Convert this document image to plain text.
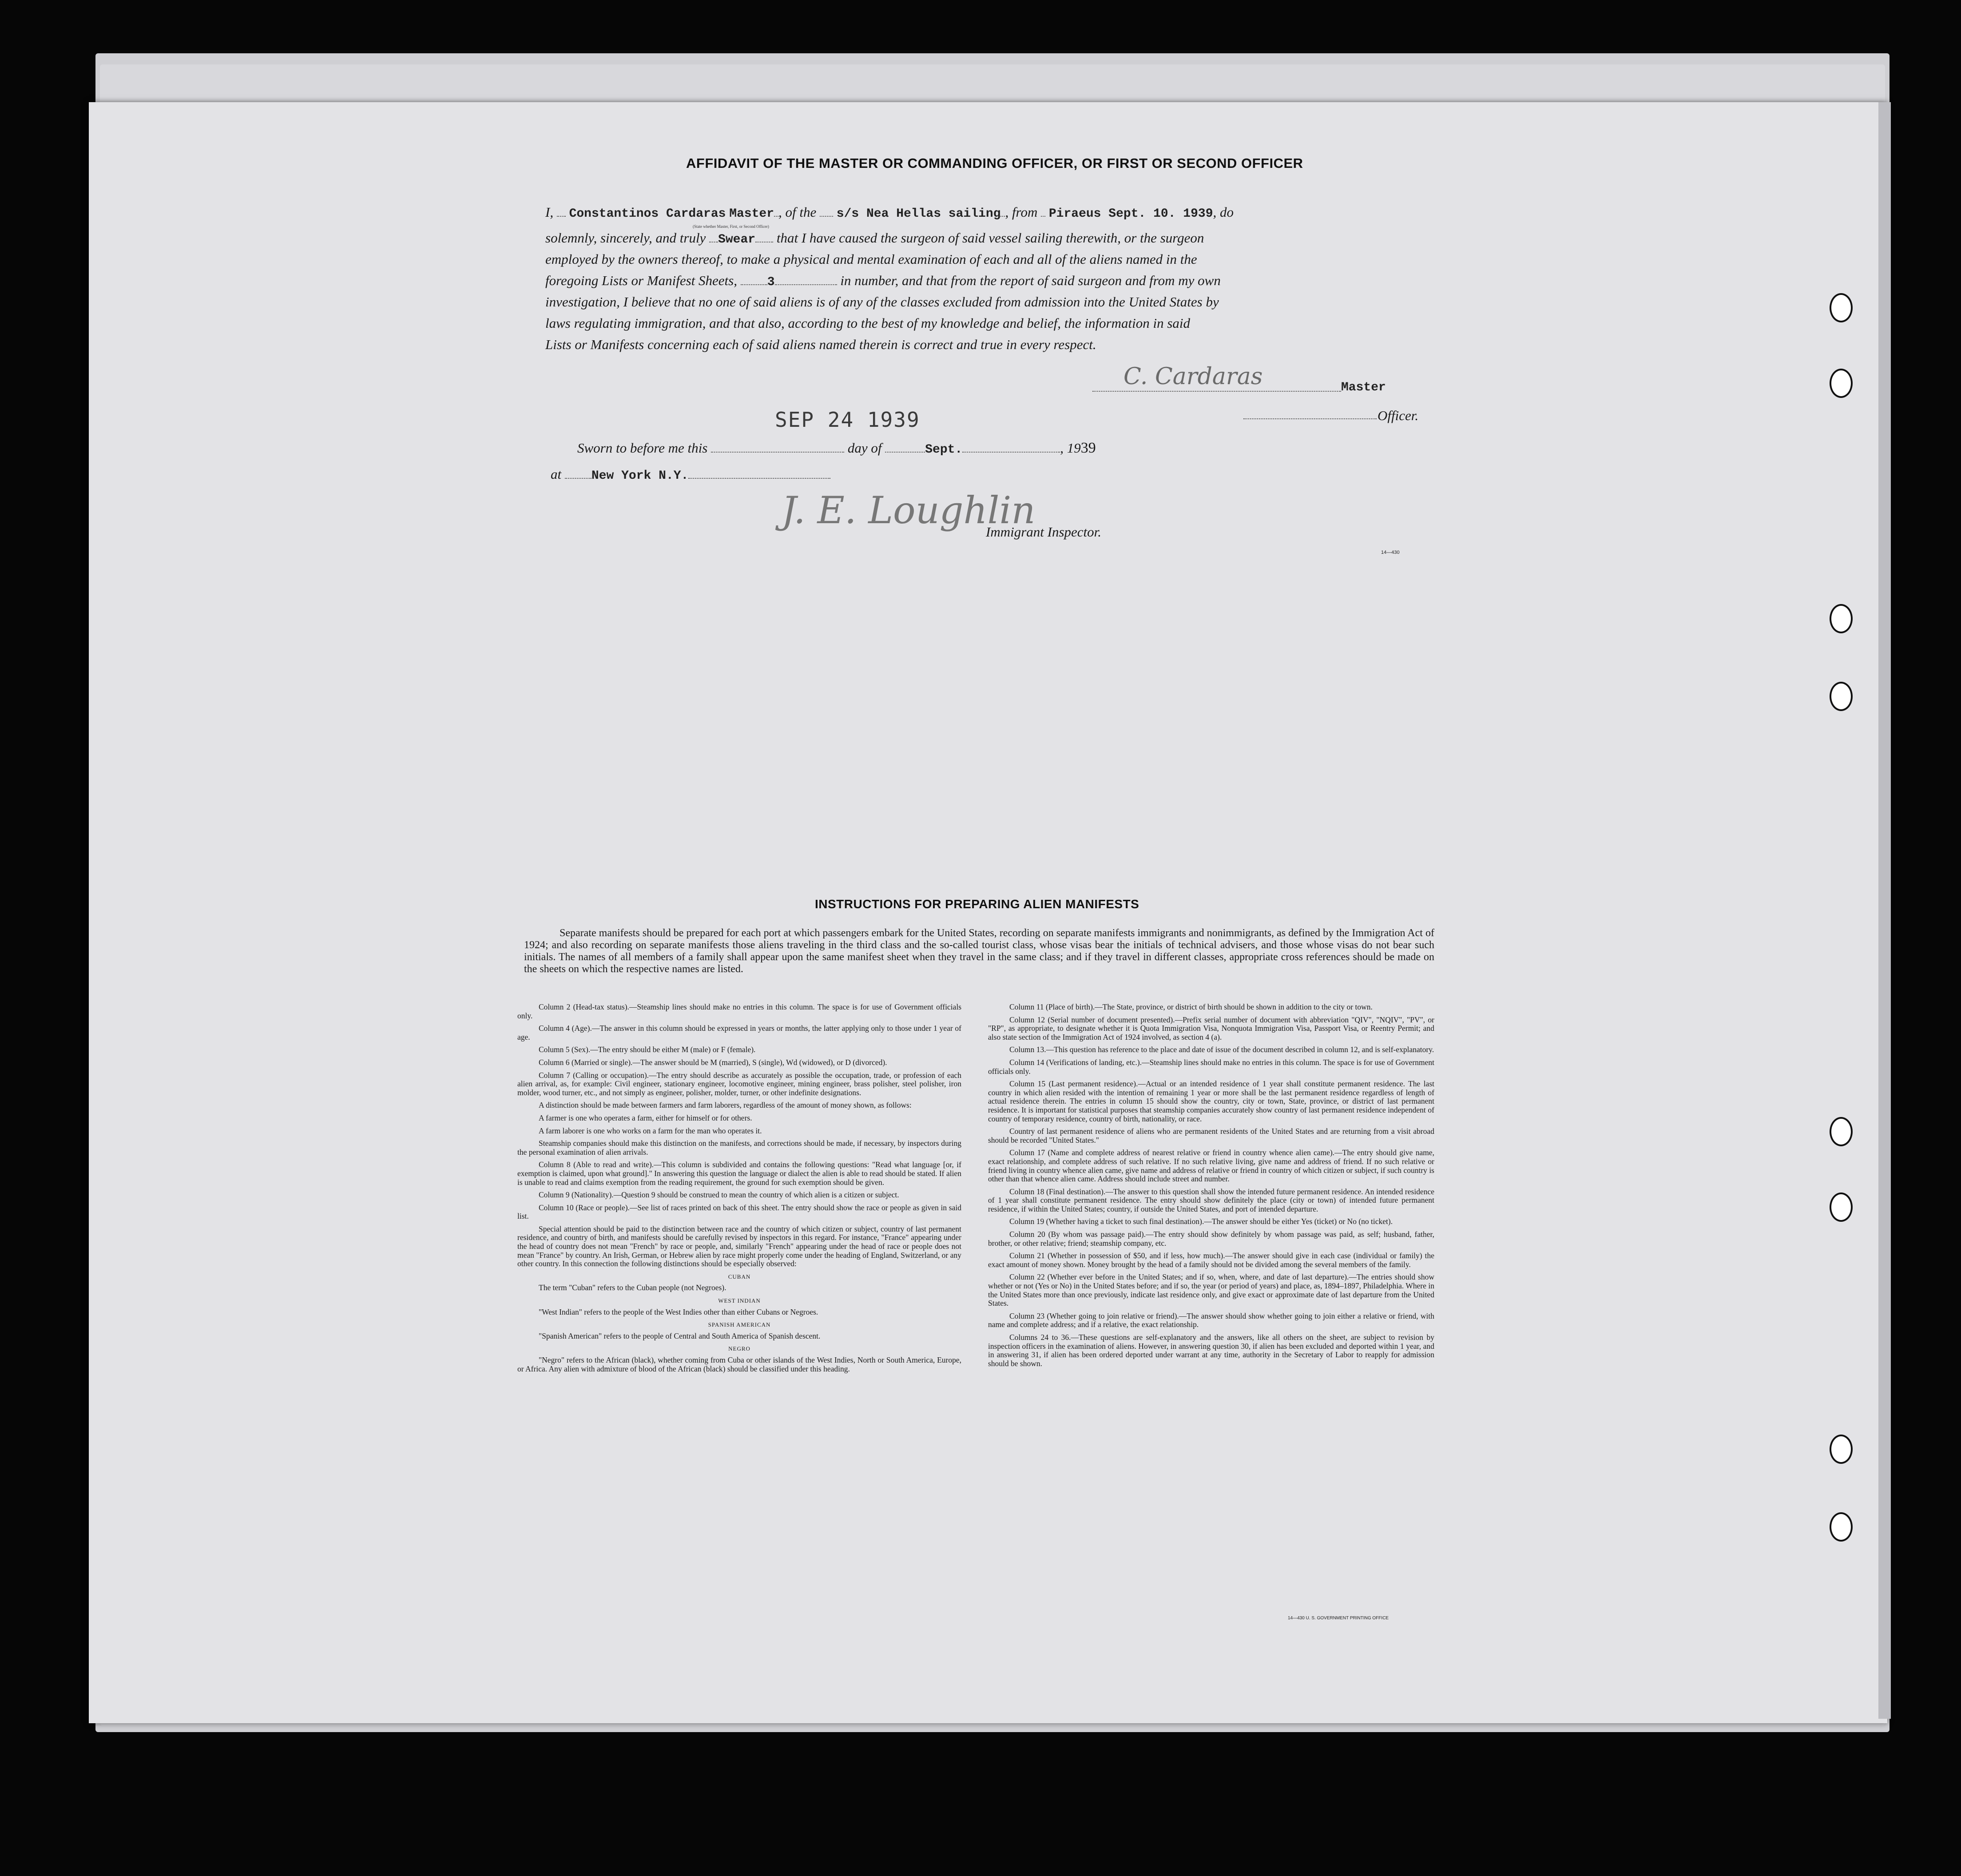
AFFIDAVIT OF THE MASTER OR COMMANDING OFFICER, OR FIRST OR SECOND OFFICER
I, Constantinos Cardaras Master , of the s/s Nea Hellas sailing , from Piraeus Sept. 10. 1939, do
(State whether Master, First, or Second Officer)
solemnly, sincerely, and truly Swear that I have caused the surgeon of said vessel sailing therewith, or the surgeon
employed by the owners thereof, to make a physical and mental examination of each and all of the aliens named in the
foregoing Lists or Manifest Sheets, 3	in number, and that from the report of said surgeon and from my own
investigation, I believe that no one of said aliens is of any of the classes excluded from admission into the United States by
laws regulating immigration, and that also, according to the best of my knowledge and belief, the information in said
Lists or Manifests concerning each of said aliens named therein is correct and true in every respect.
C. Cardaras	Master
Officer.
SEP 24 1939
Sworn to before me this	day of	Sept.	, 1939
at New York N.Y.
J. E. Loughlin
Immigrant Inspector.
14—430
INSTRUCTIONS FOR PREPARING ALIEN MANIFESTS
Separate manifests should be prepared for each port at which passengers embark for the United States, recording on separate manifests immigrants and nonimmigrants, as defined by the Immigration Act of 1924; and also recording on separate manifests those aliens traveling in the third class and the so-called tourist class, whose visas bear the initials of technical advisers, and those whose visas do not bear such initials. The names of all members of a family shall appear upon the same manifest sheet when they travel in the same class; and if they travel in different classes, appropriate cross references should be made on the sheets on which the respective names are listed.

Column 2 (Head-tax status).—Steamship lines should make no entries in this column. The space is for use of Government officials only.

Column 4 (Age).—The answer in this column should be expressed in years or months, the latter applying only to those under 1 year of age.

Column 5 (Sex).—The entry should be either M (male) or F (female).

Column 6 (Married or single).—The answer should be M (married), S (single), Wd (widowed), or D (divorced).

Column 7 (Calling or occupation).—The entry should describe as accurately as possible the occupation, trade, or profession of each alien arrival, as, for example: Civil engineer, stationary engineer, locomotive engineer, mining engineer, brass polisher, steel polisher, iron molder, wood turner, etc., and not simply as engineer, polisher, molder, turner, or other indefinite designations.

A distinction should be made between farmers and farm laborers, regardless of the amount of money shown, as follows:

A farmer is one who operates a farm, either for himself or for others.

A farm laborer is one who works on a farm for the man who operates it.

Steamship companies should make this distinction on the manifests, and corrections should be made, if necessary, by inspectors during the personal examination of alien arrivals.

Column 8 (Able to read and write).—This column is subdivided and contains the following questions: "Read what language [or, if exemption is claimed, upon what ground]." In answering this question the language or dialect the alien is able to read should be stated. If alien is unable to read and claims exemption from the reading requirement, the ground for such exemption should be given.

Column 9 (Nationality).—Question 9 should be construed to mean the country of which alien is a citizen or subject.

Column 10 (Race or people).—See list of races printed on back of this sheet. The entry should show the race or people as given in said list.

Special attention should be paid to the distinction between race and the country of which citizen or subject, country of last permanent residence, and country of birth, and manifests should be carefully revised by inspectors in this regard. For instance, "France" appearing under the head of country does not mean "French" by race or people, and, similarly "French" appearing under the head of race or people does not mean "France" by country. An Irish, German, or Hebrew alien by race might properly come under the heading of England, Switzerland, or any other country. In this connection the following distinctions should be especially observed:

CUBAN

The term "Cuban" refers to the Cuban people (not Negroes).

WEST INDIAN

"West Indian" refers to the people of the West Indies other than either Cubans or Negroes.

SPANISH AMERICAN

"Spanish American" refers to the people of Central and South America of Spanish descent.

NEGRO

"Negro" refers to the African (black), whether coming from Cuba or other islands of the West Indies, North or South America, Europe, or Africa. Any alien with admixture of blood of the African (black) should be classified under this heading.

Column 11 (Place of birth).—The State, province, or district of birth should be shown in addition to the city or town.

Column 12 (Serial number of document presented).—Prefix serial number of document with abbreviation "QIV", "NQIV", "PV", or "RP", as appropriate, to designate whether it is Quota Immigration Visa, Nonquota Immigration Visa, Passport Visa, or Reentry Permit; and also state section of the Immigration Act of 1924 involved, as section 4 (a).

Column 13.—This question has reference to the place and date of issue of the document described in column 12, and is self-explanatory.

Column 14 (Verifications of landing, etc.).—Steamship lines should make no entries in this column. The space is for use of Government officials only.

Column 15 (Last permanent residence).—Actual or an intended residence of 1 year shall constitute permanent residence. The last country in which alien resided with the intention of remaining 1 year or more shall be the last permanent residence regardless of length of actual residence therein. The entries in column 15 should show the country, city or town, State, province, or district of last permanent residence. It is important for statistical purposes that steamship companies accurately show country of last permanent residence independent of country of temporary residence, country of birth, nationality, or race.

Country of last permanent residence of aliens who are permanent residents of the United States and are returning from a visit abroad should be recorded "United States."

Column 17 (Name and complete address of nearest relative or friend in country whence alien came).—The entry should give name, exact relationship, and complete address of such relative. If no such relative living, give name and address of friend. If no such relative or friend living in country whence alien came, give name and address of relative or friend in country of which citizen or subject, if such country is other than that whence alien came. Address should include street and number.

Column 18 (Final destination).—The answer to this question shall show the intended future permanent residence. An intended residence of 1 year shall constitute permanent residence. The entry should show definitely the place (city or town) of intended future permanent residence, if within the United States; country, if outside the United States, and port of intended departure.

Column 19 (Whether having a ticket to such final destination).—The answer should be either Yes (ticket) or No (no ticket).

Column 20 (By whom was passage paid).—The entry should show definitely by whom passage was paid, as self; husband, father, brother, or other relative; friend; steamship company, etc.

Column 21 (Whether in possession of $50, and if less, how much).—The answer should give in each case (individual or family) the exact amount of money shown. Money brought by the head of a family should not be divided among the several members of the family.

Column 22 (Whether ever before in the United States; and if so, when, where, and date of last departure).—The entries should show whether or not (Yes or No) in the United States before; and if so, the year (or period of years) and place, as, 1894–1897, Philadelphia. Where in the United States more than once previously, indicate last residence only, and give exact or approximate date of last departure from the United States.

Column 23 (Whether going to join relative or friend).—The answer should show whether going to join either a relative or friend, with name and complete address; and if a relative, the exact relationship.

Columns 24 to 36.—These questions are self-explanatory and the answers, like all others on the sheet, are subject to revision by inspection officers in the examination of aliens. However, in answering question 30, if alien has been excluded and deported within 1 year, and in answering 31, if alien has been ordered deported under warrant at any time, authority in the Secretary of Labor to reapply for admission should be shown.

14—430 U. S. GOVERNMENT PRINTING OFFICE
